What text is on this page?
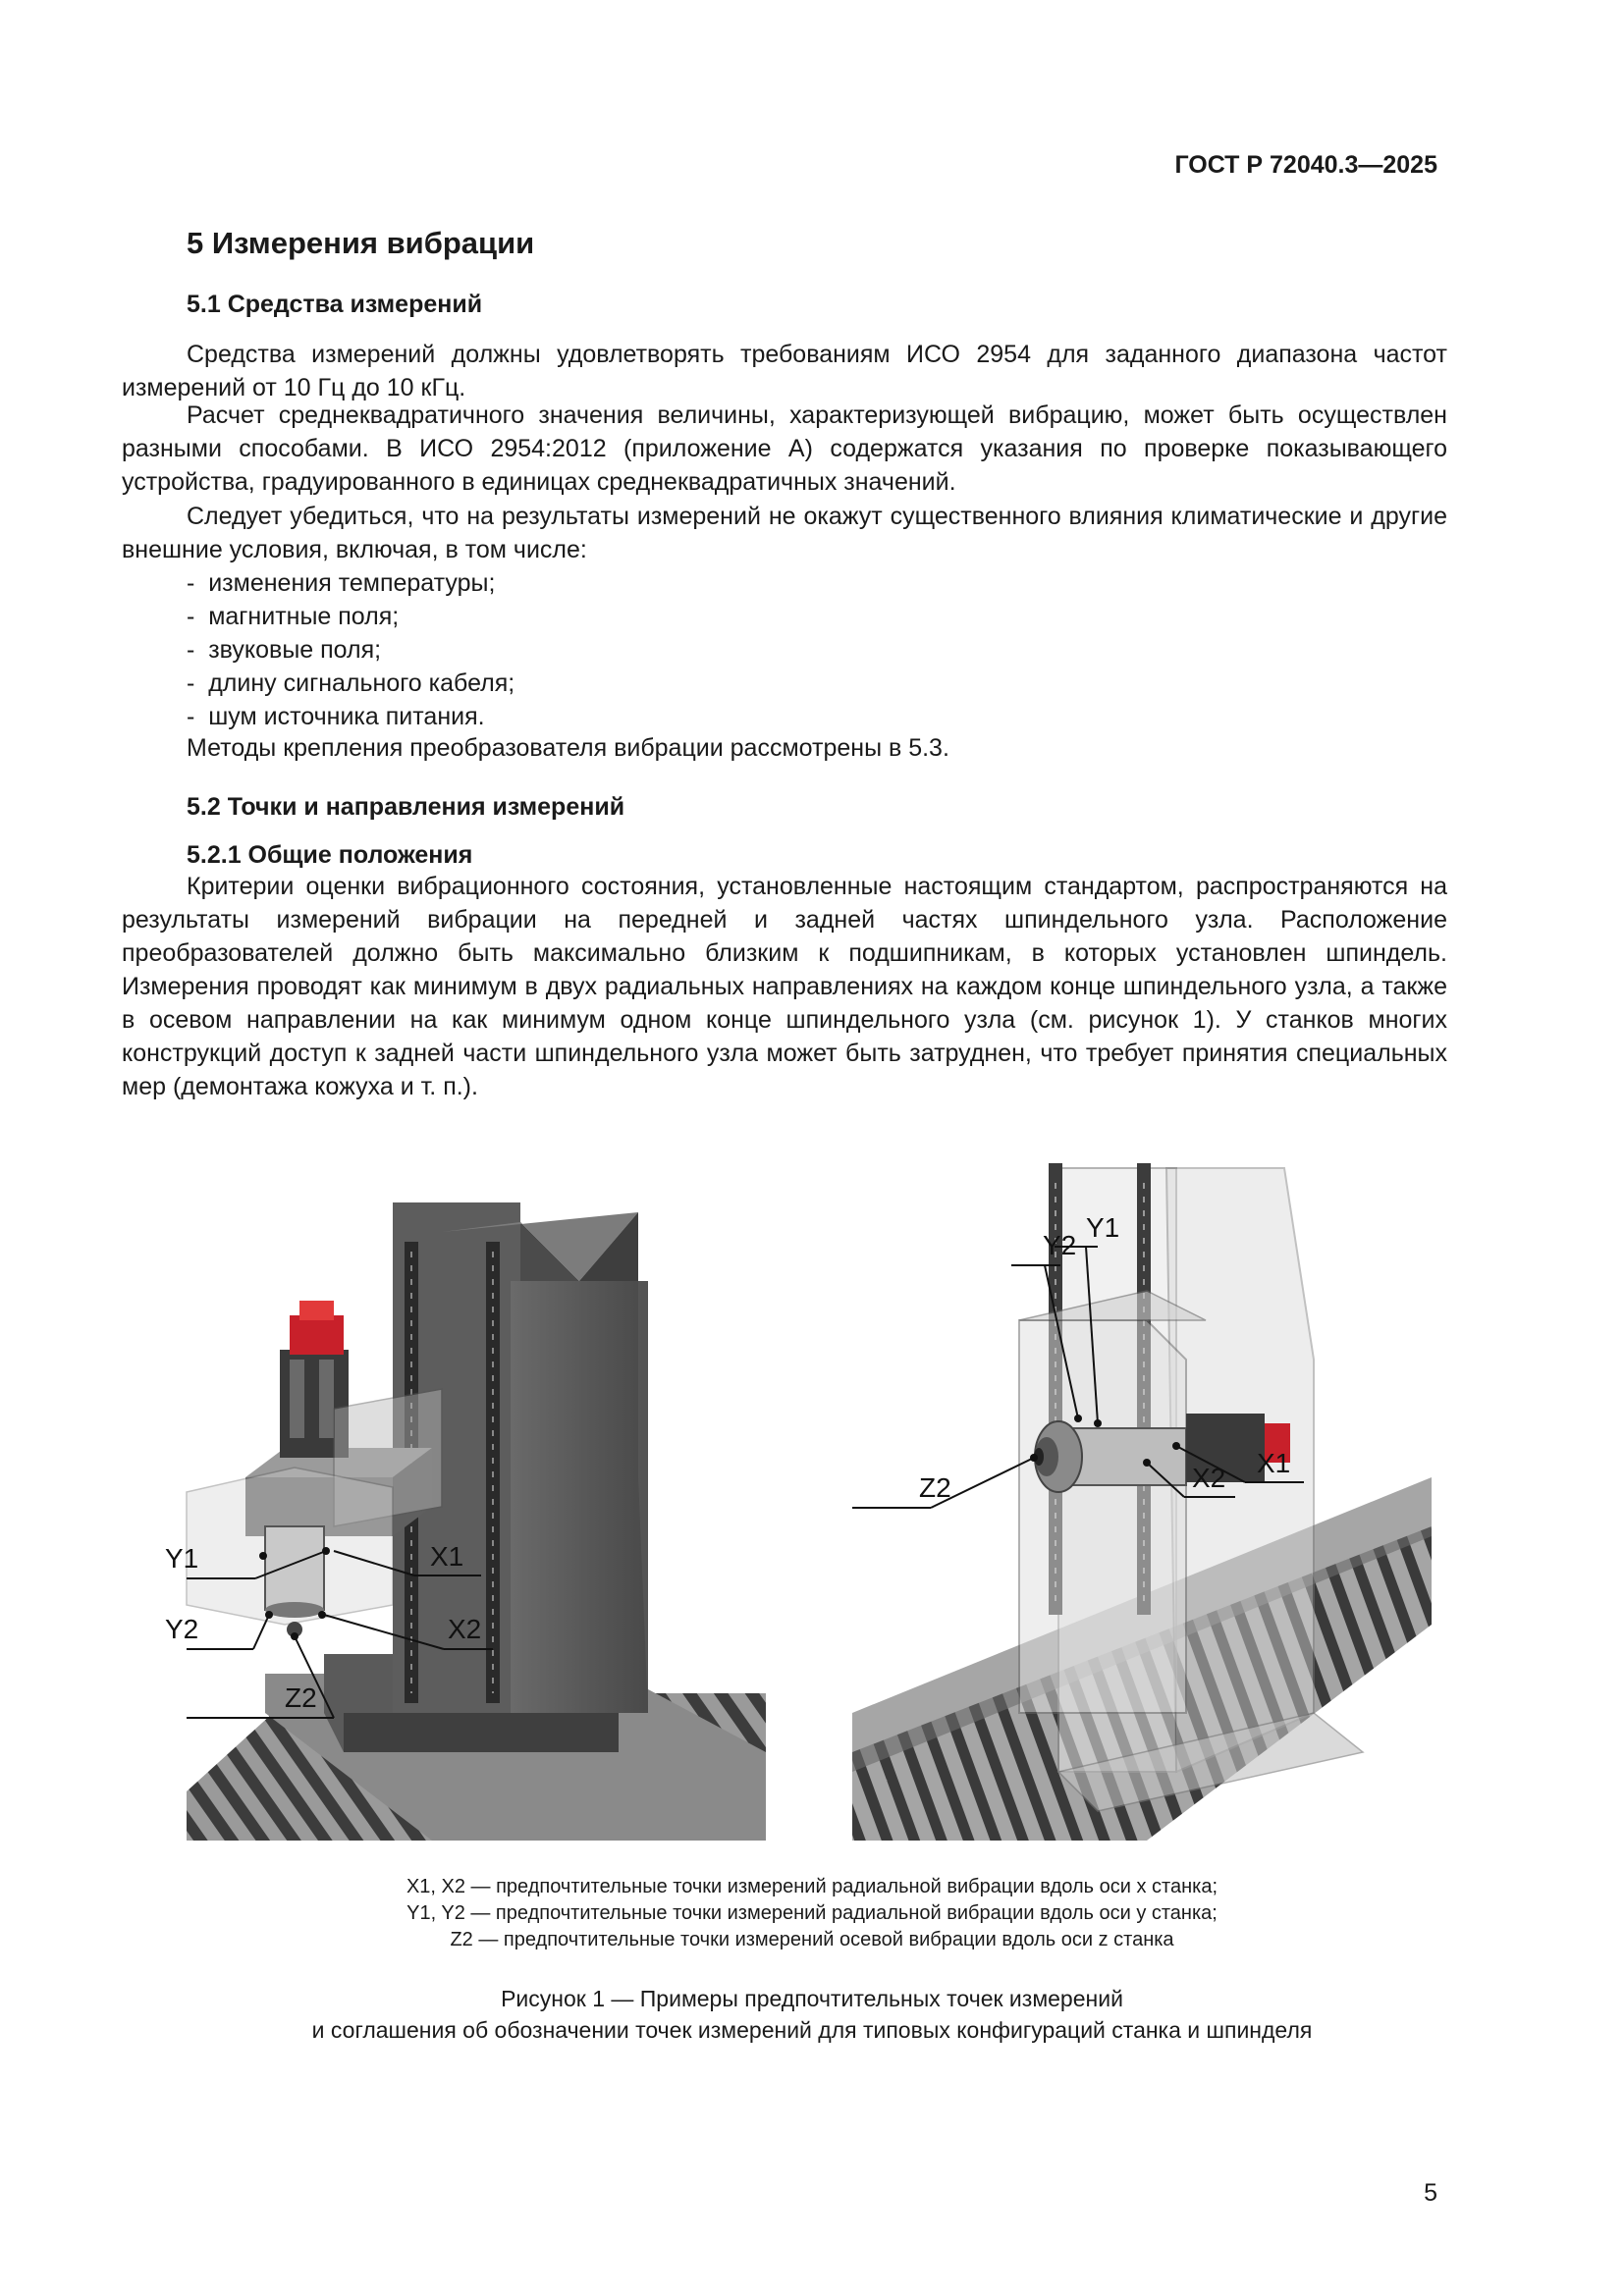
ГОСТ Р 72040.3—2025
5 Измерения вибрации
5.1 Средства измерений

Средства измерений должны удовлетворять требованиям ИСО 2954 для заданного диапазона частот измерений от 10 Гц до 10 кГц.

Расчет среднеквадратичного значения величины, характеризующей вибрацию, может быть осуществлен разными способами. В ИСО 2954:2012 (приложение А) содержатся указания по проверке показывающего устройства, градуированного в единицах среднеквадратичных значений.

Следует убедиться, что на результаты измерений не окажут существенного влияния климатические и другие внешние условия, включая, в том числе:

- изменения температуры;
- магнитные поля;
- звуковые поля;
- длину сигнального кабеля;
- шум источника питания.
Методы крепления преобразователя вибрации рассмотрены в 5.3.
5.2 Точки и направления измерений
5.2.1 Общие положения

Критерии оценки вибрационного состояния, установленные настоящим стандартом, распространяются на результаты измерений вибрации на передней и задней частях шпиндельного узла. Расположение преобразователей должно быть максимально близким к подшипникам, в которых установлен шпиндель. Измерения проводят как минимум в двух радиальных направлениях на каждом конце шпиндельного узла, а также в осевом направлении на как минимум одном конце шпиндельного узла (см. рисунок 1). У станков многих конструкций доступ к задней части шпиндельного узла может быть затруднен, что требует принятия специальных мер (демонтажа кожуха и т. п.).

Y1	X1
Y2	X2
Z2
Y2
Y1
X1
Z2	X2
X1, X2 — предпочтительные точки измерений радиальной вибрации вдоль оси x станка;
Y1, Y2 — предпочтительные точки измерений радиальной вибрации вдоль оси y станка;
Z2 — предпочтительные точки измерений осевой вибрации вдоль оси z станка
Рисунок 1 — Примеры предпочтительных точек измерений
и соглашения об обозначении точек измерений для типовых конфигураций станка и шпинделя
5
